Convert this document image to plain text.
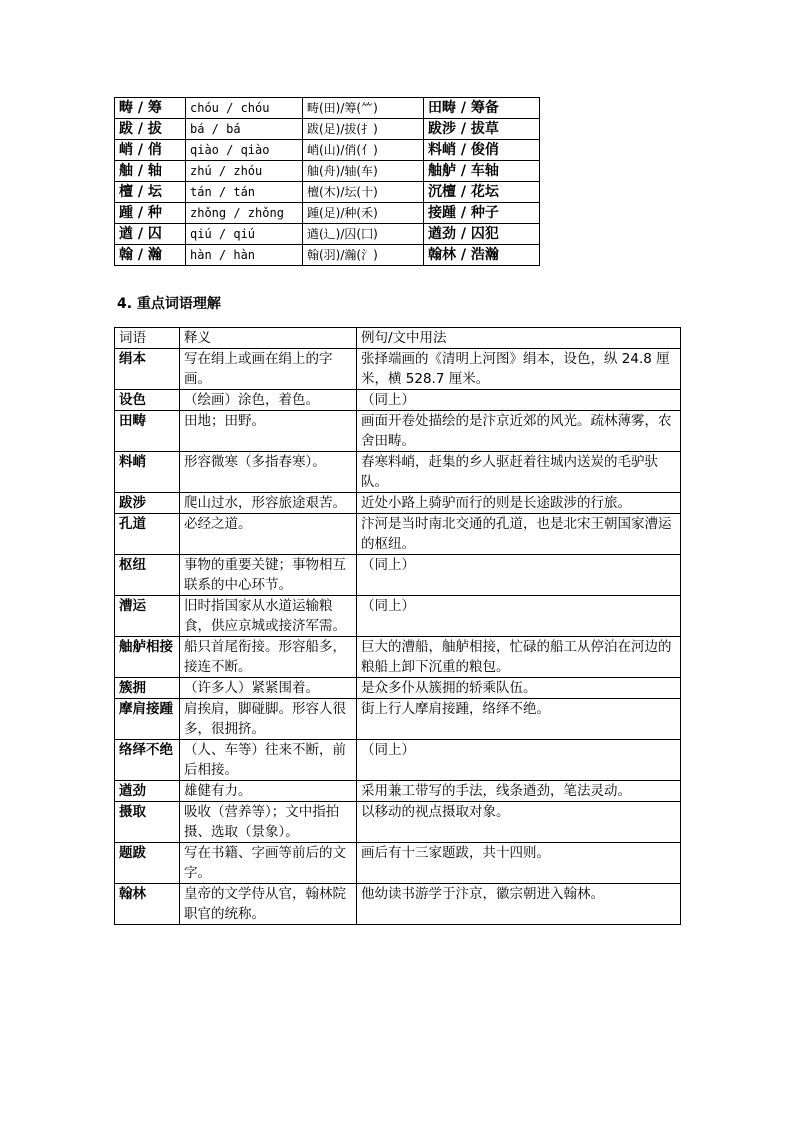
畴 / 筹	chóu / chóu	畴(田)/筹(⺮)	田畴 / 筹备
跋 / 拔	bá / bá	跋(足)/拔(扌)	跋涉 / 拔草
峭 / 俏	qiào / qiào	峭(山)/俏(亻)	料峭 / 俊俏
舳 / 轴	zhú / zhóu	舳(舟)/轴(车)	舳舻 / 车轴
檀 / 坛	tán / tán	檀(木)/坛(十)	沉檀 / 花坛
踵 / 种	zhǒng / zhǒng	踵(足)/种(禾)	接踵 / 种子
遒 / 囚	qiú / qiú	遒(辶)/囚(囗)	遒劲 / 囚犯
翰 / 瀚	hàn / hàn	翰(羽)/瀚(氵)	翰林 / 浩瀚
4. 重点词语理解
词语	释义	例句/文中用法
绢本	写在绢上或画在绢上的字画。	张择端画的《清明上河图》绢本，设色，纵 24.8 厘米，横 528.7 厘米。
设色	（绘画）涂色，着色。	（同上）
田畴	田地；田野。	画面开卷处描绘的是汴京近郊的风光。疏林薄雾，农舍田畴。
料峭	形容微寒（多指春寒）。	春寒料峭，赶集的乡人驱赶着往城内送炭的毛驴驮队。
跋涉	爬山过水，形容旅途艰苦。	近处小路上骑驴而行的则是长途跋涉的行旅。
孔道	必经之道。	汴河是当时南北交通的孔道，也是北宋王朝国家漕运的枢纽。
枢纽	事物的重要关键；事物相互联系的中心环节。	（同上）
漕运	旧时指国家从水道运输粮食，供应京城或接济军需。	（同上）
舳舻相接	船只首尾衔接。形容船多，接连不断。	巨大的漕船，舳舻相接，忙碌的船工从停泊在河边的粮船上卸下沉重的粮包。
簇拥	（许多人）紧紧围着。	是众多仆从簇拥的轿乘队伍。
摩肩接踵	肩挨肩，脚碰脚。形容人很多，很拥挤。	街上行人摩肩接踵，络绎不绝。
络绎不绝	（人、车等）往来不断，前后相接。	（同上）
遒劲	雄健有力。	采用兼工带写的手法，线条遒劲，笔法灵动。
摄取	吸收（营养等）；文中指拍摄、选取（景象）。	以移动的视点摄取对象。
题跋	写在书籍、字画等前后的文字。	画后有十三家题跋，共十四则。
翰林	皇帝的文学侍从官，翰林院职官的统称。	他幼读书游学于汴京，徽宗朝进入翰林。
